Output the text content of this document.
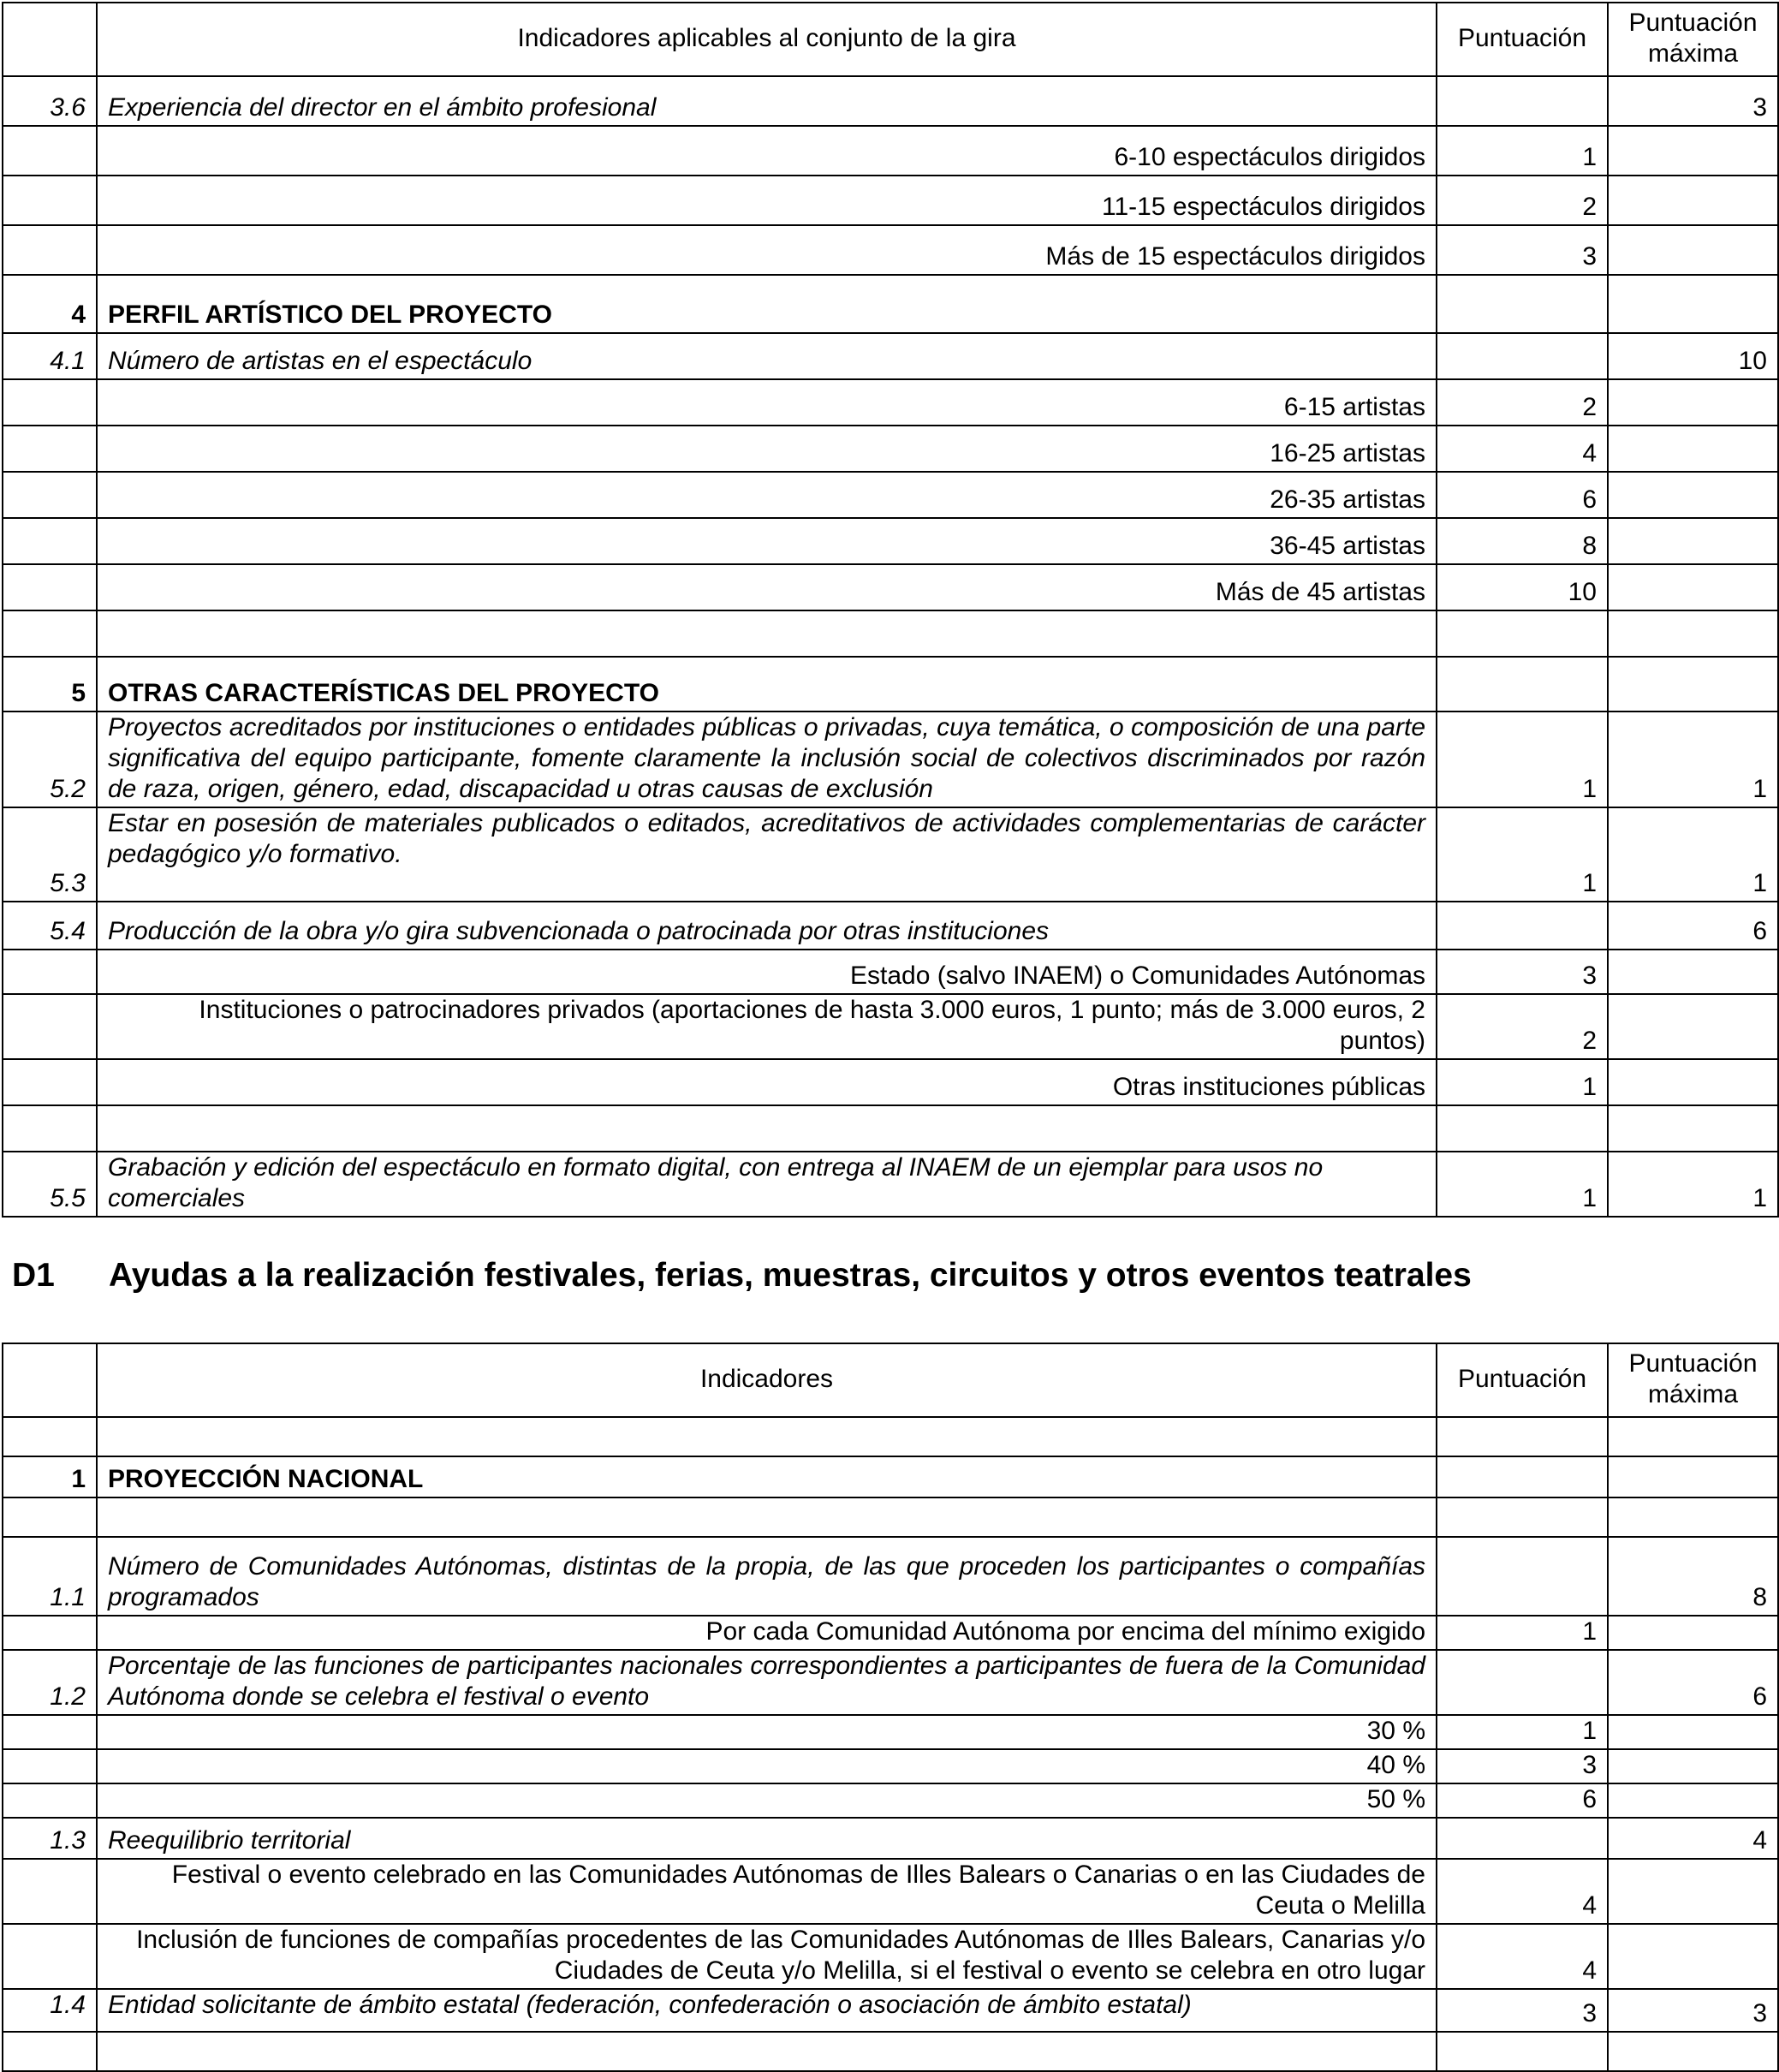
	Indicadores aplicables al conjunto de la gira	Puntuación	Puntuación
máxima

3.6	Experiencia del director en el ámbito profesional		3
	6-10 espectáculos dirigidos	1	
	11-15 espectáculos dirigidos	2	
	Más de 15 espectáculos dirigidos	3	
4	PERFIL ARTÍSTICO DEL PROYECTO		
4.1	Número de artistas en el espectáculo		10
	6-15 artistas	2	
	16-25 artistas	4	
	26-35 artistas	6	
	36-45 artistas	8	
	Más de 45 artistas	10	

5	OTRAS CARACTERÍSTICAS DEL PROYECTO		
5.2	Proyectos acreditados por instituciones o entidades públicas o privadas, cuya temática, o composición de una parte significativa del equipo participante, fomente claramente la inclusión social de colectivos discriminados por razón de raza, origen, género, edad, discapacidad u otras causas de exclusión	1	1
5.3	Estar en posesión de materiales publicados o editados, acreditativos de actividades complementarias de carácter pedagógico y/o formativo.	1	1
5.4	Producción de la obra y/o gira subvencionada o patrocinada por otras instituciones		6
	Estado (salvo INAEM) o Comunidades Autónomas	3	
	Instituciones o patrocinadores privados (aportaciones de hasta 3.000 euros, 1 punto; más de 3.000 euros, 2 puntos)	2	
	Otras instituciones públicas	1	

5.5	Grabación y edición del espectáculo en formato digital, con entrega al INAEM de un ejemplar para usos no comerciales	1	1
D1 Ayudas a la realización festivales, ferias, muestras, circuitos y otros eventos teatrales
	Indicadores	Puntuación	Puntuación
máxima

1	PROYECCIÓN NACIONAL		

1.1	Número de Comunidades Autónomas, distintas de la propia, de las que proceden los participantes o compañías programados		8
	Por cada Comunidad Autónoma por encima del mínimo exigido	1	
1.2	Porcentaje de las funciones de participantes nacionales correspondientes a participantes de fuera de la Comunidad Autónoma donde se celebra el festival o evento		6
	30 %	1	
	40 %	3	
	50 %	6	
1.3	Reequilibrio territorial		4
	Festival o evento celebrado en las Comunidades Autónomas de Illes Balears o Canarias o en las Ciudades de Ceuta o Melilla	4	
	Inclusión de funciones de compañías procedentes de las Comunidades Autónomas de Illes Balears, Canarias y/o Ciudades de Ceuta y/o Melilla, si el festival o evento se celebra en otro lugar	4	
1.4	Entidad solicitante de ámbito estatal (federación, confederación o asociación de ámbito estatal)	3	3
